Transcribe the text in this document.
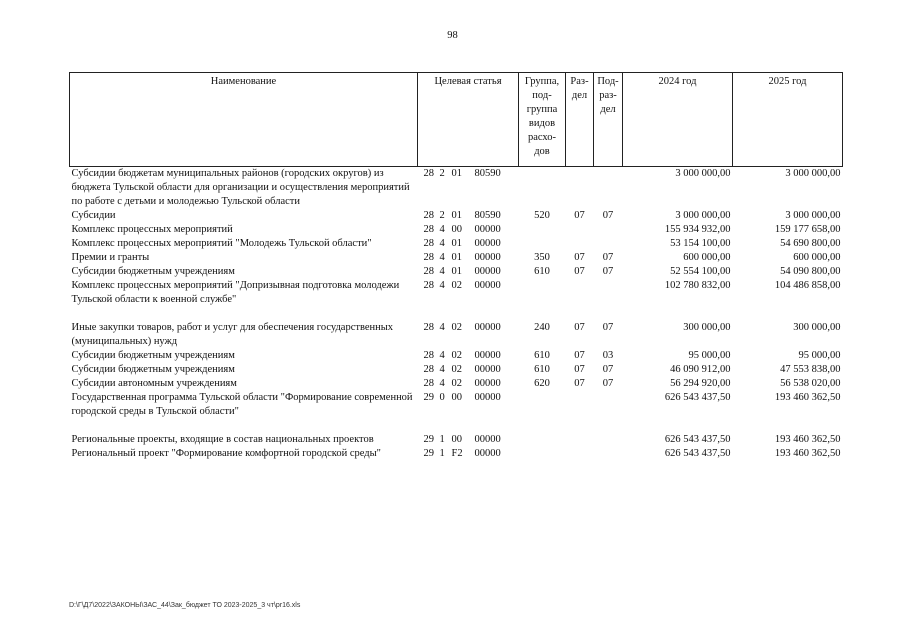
98
Наименование	Целевая статья	Группа, под-группа видов расхо-дов	Раз-дел	Под-раз-дел	2024 год	2025 год
Субсидии бюджетам муниципальных районов (городских округов) из бюджета Тульской области для организации и осуществления мероприятий по работе с детьми и молодежью Тульской области	28 2 01 80590				3 000 000,00	3 000 000,00
Субсидии	28 2 01 80590	520	07	07	3 000 000,00	3 000 000,00
Комплекс процессных мероприятий	28 4 00 00000				155 934 932,00	159 177 658,00
Комплекс процессных мероприятий "Молодежь Тульской области"	28 4 01 00000				53 154 100,00	54 690 800,00
Премии и гранты	28 4 01 00000	350	07	07	600 000,00	600 000,00
Субсидии бюджетным учреждениям	28 4 01 00000	610	07	07	52 554 100,00	54 090 800,00
Комплекс процессных мероприятий "Допризывная подготовка молодежи Тульской области к военной службе"	28 4 02 00000				102 780 832,00	104 486 858,00
Иные закупки товаров, работ и услуг для обеспечения государственных (муниципальных) нужд	28 4 02 00000	240	07	07	300 000,00	300 000,00
Субсидии бюджетным учреждениям	28 4 02 00000	610	07	03	95 000,00	95 000,00
Субсидии бюджетным учреждениям	28 4 02 00000	610	07	07	46 090 912,00	47 553 838,00
Субсидии автономным учреждениям	28 4 02 00000	620	07	07	56 294 920,00	56 538 020,00
Государственная программа Тульской области "Формирование современной городской среды в Тульской области"	29 0 00 00000				626 543 437,50	193 460 362,50
Региональные проекты, входящие в состав национальных проектов	29 1 00 00000				626 543 437,50	193 460 362,50
Региональный проект "Формирование комфортной городской среды"	29 1 F2 00000				626 543 437,50	193 460 362,50
D:\Г\Д7\2022\ЗАКОНЫ\ЗАС_44\Зак_бюджет ТО 2023-2025_3 чт\pr16.xls
